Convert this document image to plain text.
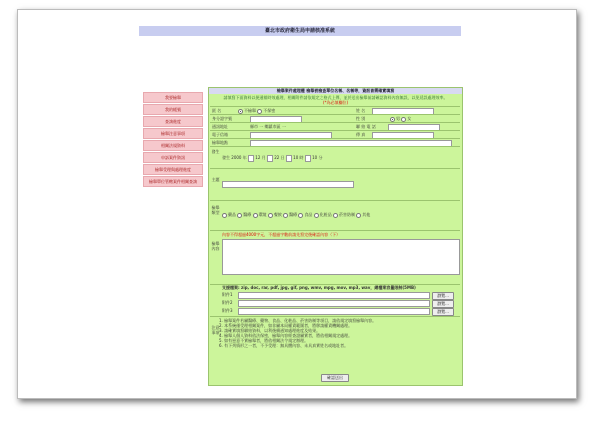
臺北市政府衛生局申請核准系統
我要檢舉
我的帳號
查詢進度
檢舉注意事項
相關法規資料
申訴案件資訊
檢舉受理與處理進度
檢舉單位管轄案件相關查詢
檢舉案件處理權 檢舉被檢查單位名稱、名稱等，資訊皆需確實填寫
請填寫下面資料以便通報時效處理，相關附件請依規定之格式上傳，並於送出檢舉前請確認資料內容無誤，以免延誤處理效率。
(*為必填欄位)
匿 名	不檢舉 不保密	姓 名
身分證字號	性 別	男 女
通訊地址	縣市 一 鄉鎮市區 一	聯 絡 電 話
電子信箱	傳 真
檢舉地點
發生
發生 2000 年 12 月 22 日 10 時 10 分
主題
檢舉類型	藥品 醫療 環境 餐飲 醫療 食品 化粧品 菸害防制 其他
檢舉內容
內容不得超過4000字元，不超過字數前請先寫完後確認內容（下）
支援檔案: zip, doc, rar, pdf, jpg, gif, png, wmv, mpg, mov, mp3, wav，總檔案容量限制(5MB)
附件1	瀏覽...
附件2	瀏覽...
附件3	瀏覽...
注意事項
1. 檢舉案件若屬醫療、藥物、食品、化粧品、菸害防制等項目，請依規定填寫檢舉內容。
2. 本系統僅受理相關案件，如非屬本局權責範圍者，將移請權責機關處理。
3. 請確實填寫聯絡資料，以利後續通知處理進度及結果。
4. 檢舉人個人資料依法保密，檢舉內容經查證屬實者，將依相關規定處理。
5. 如有惡意不實檢舉者，將依相關法令規定辦理。
6. 有下列情形之一者，不予受理：無具體內容、未具真實姓名或地址者。
確認送出
